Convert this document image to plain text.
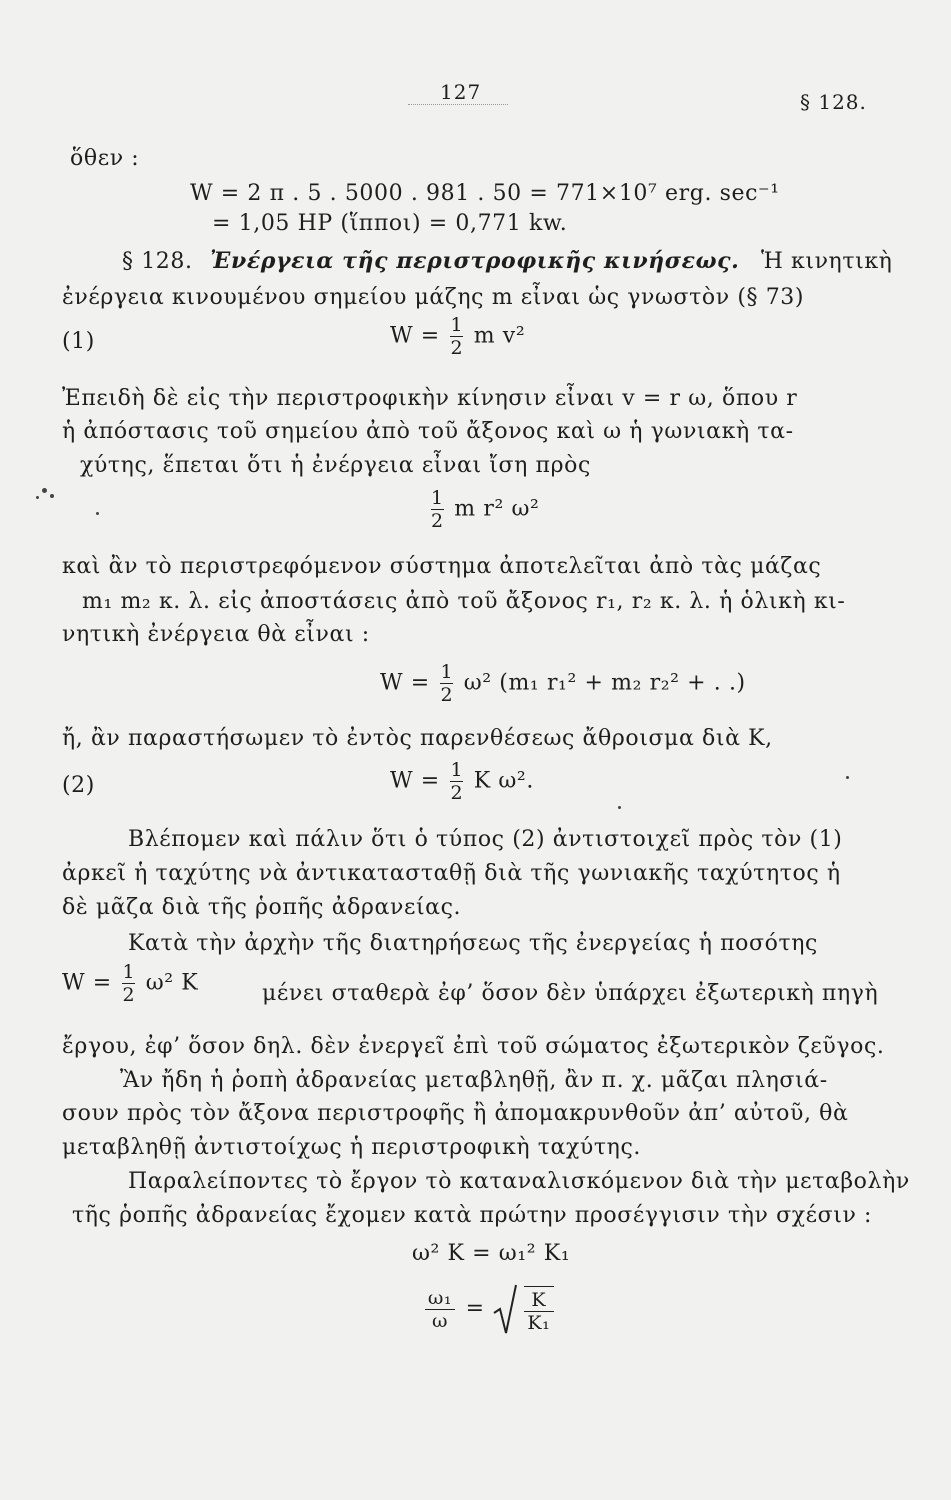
127	§ 128.
ὅθεν :
W = 2 π . 5 . 5000 . 981 . 50 = 771×10⁷ erg. sec⁻¹
= 1,05 HP (ἵπποι) = 0,771 kw.
§ 128. Ἐνέργεια τῆς περιστροφικῆς κινήσεως. Ἡ κινητικὴ
ἐνέργεια κινουμένου σημείου μάζης m εἶναι ὡς γνωστὸν (§ 73)
(1)	$W = \frac{1}{2}$ m v²
Ἐπειδὴ δὲ εἰς τὴν περιστροφικὴν κίνησιν εἶναι v = r ω, ὅπου r
ἡ ἀπόστασις τοῦ σημείου ἀπὸ τοῦ ἄξονος καὶ ω ἡ γωνιακὴ τα-
χύτης, ἕπεται ὅτι ἡ ἐνέργεια εἶναι ἴση πρὸς
$\frac{1}{2}$ m r² ω²
καὶ ἂν τὸ περιστρεφόμενον σύστημα ἀποτελεῖται ἀπὸ τὰς μάζας
m₁ m₂ κ. λ. εἰς ἀποστάσεις ἀπὸ τοῦ ἄξονος r₁, r₂ κ. λ. ἡ ὁλικὴ κι-
νητικὴ ἐνέργεια θὰ εἶναι :
$W = \frac{1}{2} \omega^2$ (m₁ r₁² + m₂ r₂² + . .)
ἤ, ἂν παραστήσωμεν τὸ ἐντὸς παρενθέσεως ἄθροισμα διὰ K,
(2)	$W = \frac{1}{2}$ K ω².
Βλέπομεν καὶ πάλιν ὅτι ὁ τύπος (2) ἀντιστοιχεῖ πρὸς τὸν (1)
ἀρκεῖ ἡ ταχύτης νὰ ἀντικατασταθῇ διὰ τῆς γωνιακῆς ταχύτητος ἡ
δὲ μᾶζα διὰ τῆς ῥοπῆς ἀδρανείας.
Κατὰ τὴν ἀρχὴν τῆς διατηρήσεως τῆς ἐνεργείας ἡ ποσότης
$W = \frac{1}{2} \omega^2$ K	μένει σταθερὰ ἐφ’ ὅσον δὲν ὑπάρχει ἐξωτερικὴ πηγὴ
ἔργου, ἐφ’ ὅσον δηλ. δὲν ἐνεργεῖ ἐπὶ τοῦ σώματος ἐξωτερικὸν ζεῦγος.
Ἂν ἤδη ἡ ῥοπὴ ἀδρανείας μεταβληθῇ, ἂν π. χ. μᾶζαι πλησιά-
σουν πρὸς τὸν ἄξονα περιστροφῆς ἢ ἀπομακρυνθοῦν ἀπ’ αὐτοῦ, θὰ
μεταβληθῇ ἀντιστοίχως ἡ περιστροφικὴ ταχύτης.
Παραλείποντες τὸ ἔργον τὸ καταναλισκόμενον διὰ τὴν μεταβολὴν
τῆς ῥοπῆς ἀδρανείας ἔχομεν κατὰ πρώτην προσέγγισιν τὴν σχέσιν :
ω² K = ω₁² K₁
$\frac{\text{ω₁}}{\omega} = \frac{K}{\text{K₁}}$
